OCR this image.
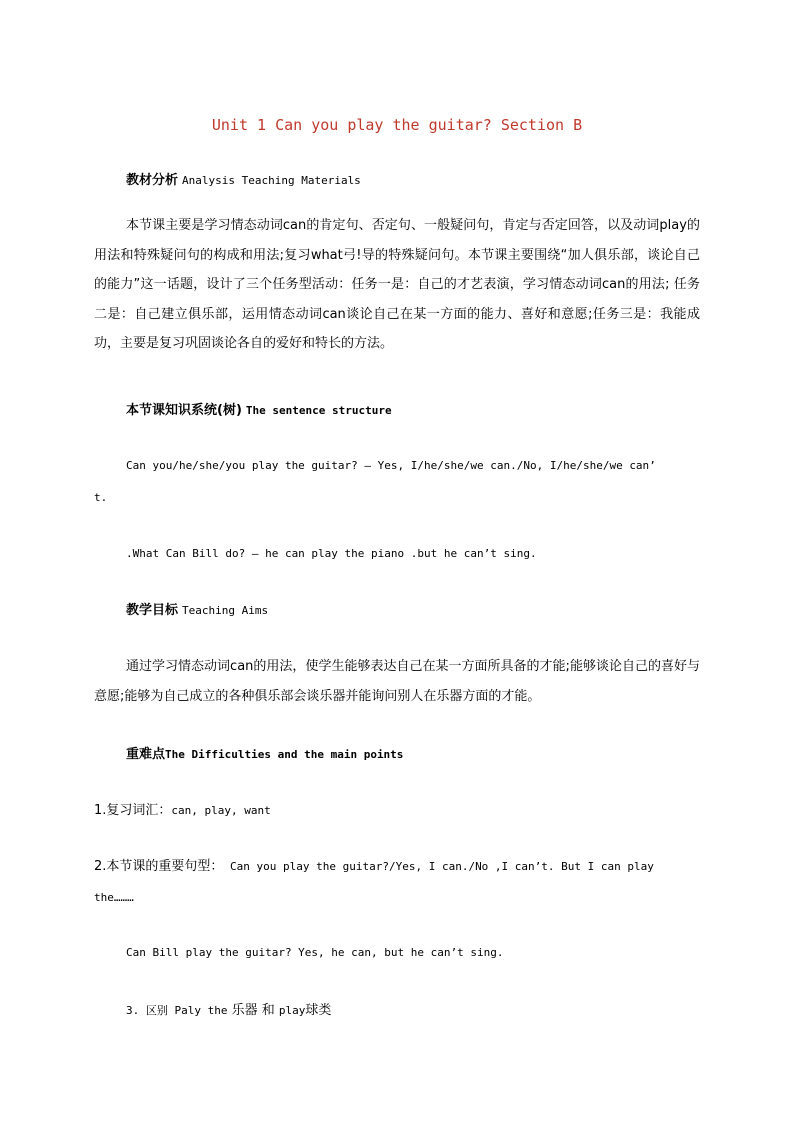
Unit 1 Can you play the guitar? Section B
教材分析 Analysis Teaching Materials
本节课主要是学习情态动词can的肯定句、否定句、一般疑问句，肯定与否定回答，以及动词play的用法和特殊疑问句的构成和用法;复习what弓!导的特殊疑问句。本节课主要围绕“加人俱乐部，谈论自己的能力”这一话题，设计了三个任务型活动：任务一是：自己的才艺表演，学习情态动词can的用法; 任务二是：自己建立俱乐部，运用情态动词can谈论自己在某一方面的能力、喜好和意愿;任务三是：我能成功，主要是复习巩固谈论各自的爱好和特长的方法。
本节课知识系统(树) The sentence structure
Can you/he/she/you play the guitar? — Yes, I/he/she/we can./No, I/he/she/we can’
t.
.What Can Bill do? — he can play the piano .but he can’t sing.
教学目标 Teaching Aims
通过学习情态动词can的用法，使学生能够表达自己在某一方面所具备的才能;能够谈论自己的喜好与意愿;能够为自己成立的各种俱乐部会谈乐器并能询问别人在乐器方面的才能。
重难点The Difficulties and the main points
1.复习词汇：can, play, want
2.本节课的重要句型： Can you play the guitar?/Yes, I can./No ,I can’t. But I can play
the………
Can Bill play the guitar? Yes, he can, but he can’t sing.
3. 区别 Paly the 乐器 和 play球类
